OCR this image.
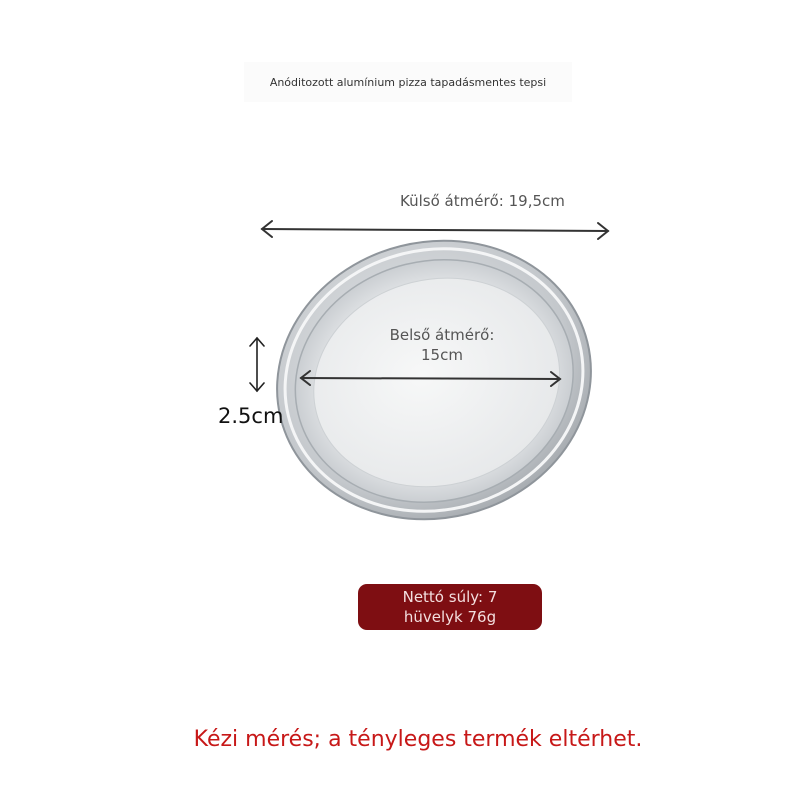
Anóditozott alumínium pizza tapadásmentes tepsi
Külső átmérő: 19,5cm
Belső átmérő: 15cm
2.5cm
Nettó súly: 7 hüvelyk 76g
Kézi mérés; a tényleges termék eltérhet.
